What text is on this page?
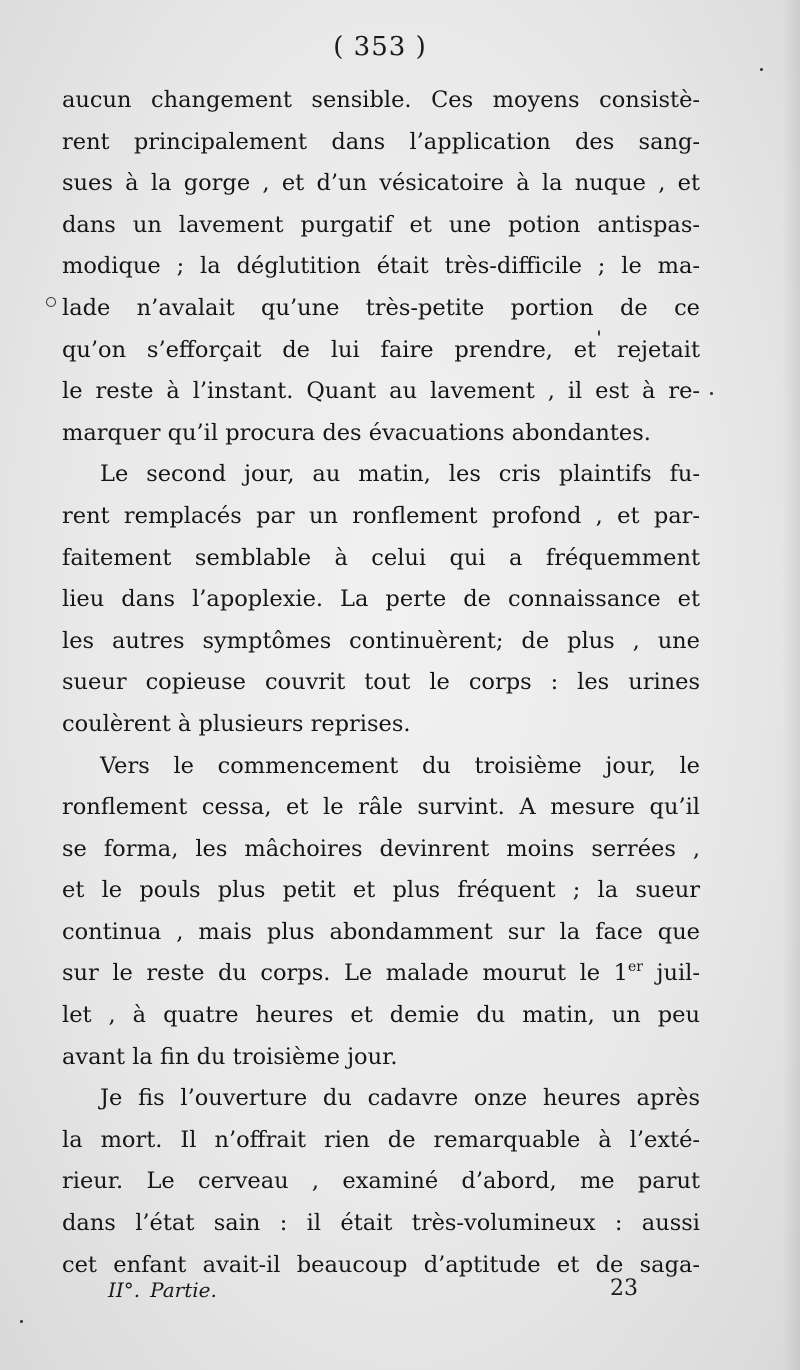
( 353 )
aucun changement sensible. Ces moyens consistè-
rent principalement dans l’application des sang-
sues à la gorge , et d’un vésicatoire à la nuque , et
dans un lavement purgatif et une potion antispas-
modique ; la déglutition était très-difficile ; le ma-
lade n’avalait qu’une très-petite portion de ce
qu’on s’efforçait de lui faire prendre, et rejetait
le reste à l’instant. Quant au lavement , il est à re-
marquer qu’il procura des évacuations abondantes.
Le second jour, au matin, les cris plaintifs fu-
rent remplacés par un ronflement profond , et par-
faitement semblable à celui qui a fréquemment
lieu dans l’apoplexie. La perte de connaissance et
les autres symptômes continuèrent; de plus , une
sueur copieuse couvrit tout le corps : les urines
coulèrent à plusieurs reprises.
Vers le commencement du troisième jour, le
ronflement cessa, et le râle survint. A mesure qu’il
se forma, les mâchoires devinrent moins serrées ,
et le pouls plus petit et plus fréquent ; la sueur
continua , mais plus abondamment sur la face que
sur le reste du corps. Le malade mourut le 1er juil-
let , à quatre heures et demie du matin, un peu
avant la fin du troisième jour.
Je fis l’ouverture du cadavre onze heures après
la mort. Il n’offrait rien de remarquable à l’exté-
rieur. Le cerveau , examiné d’abord, me parut
dans l’état sain : il était très-volumineux : aussi
cet enfant avait-il beaucoup d’aptitude et de saga-
II°. Partie.	23
